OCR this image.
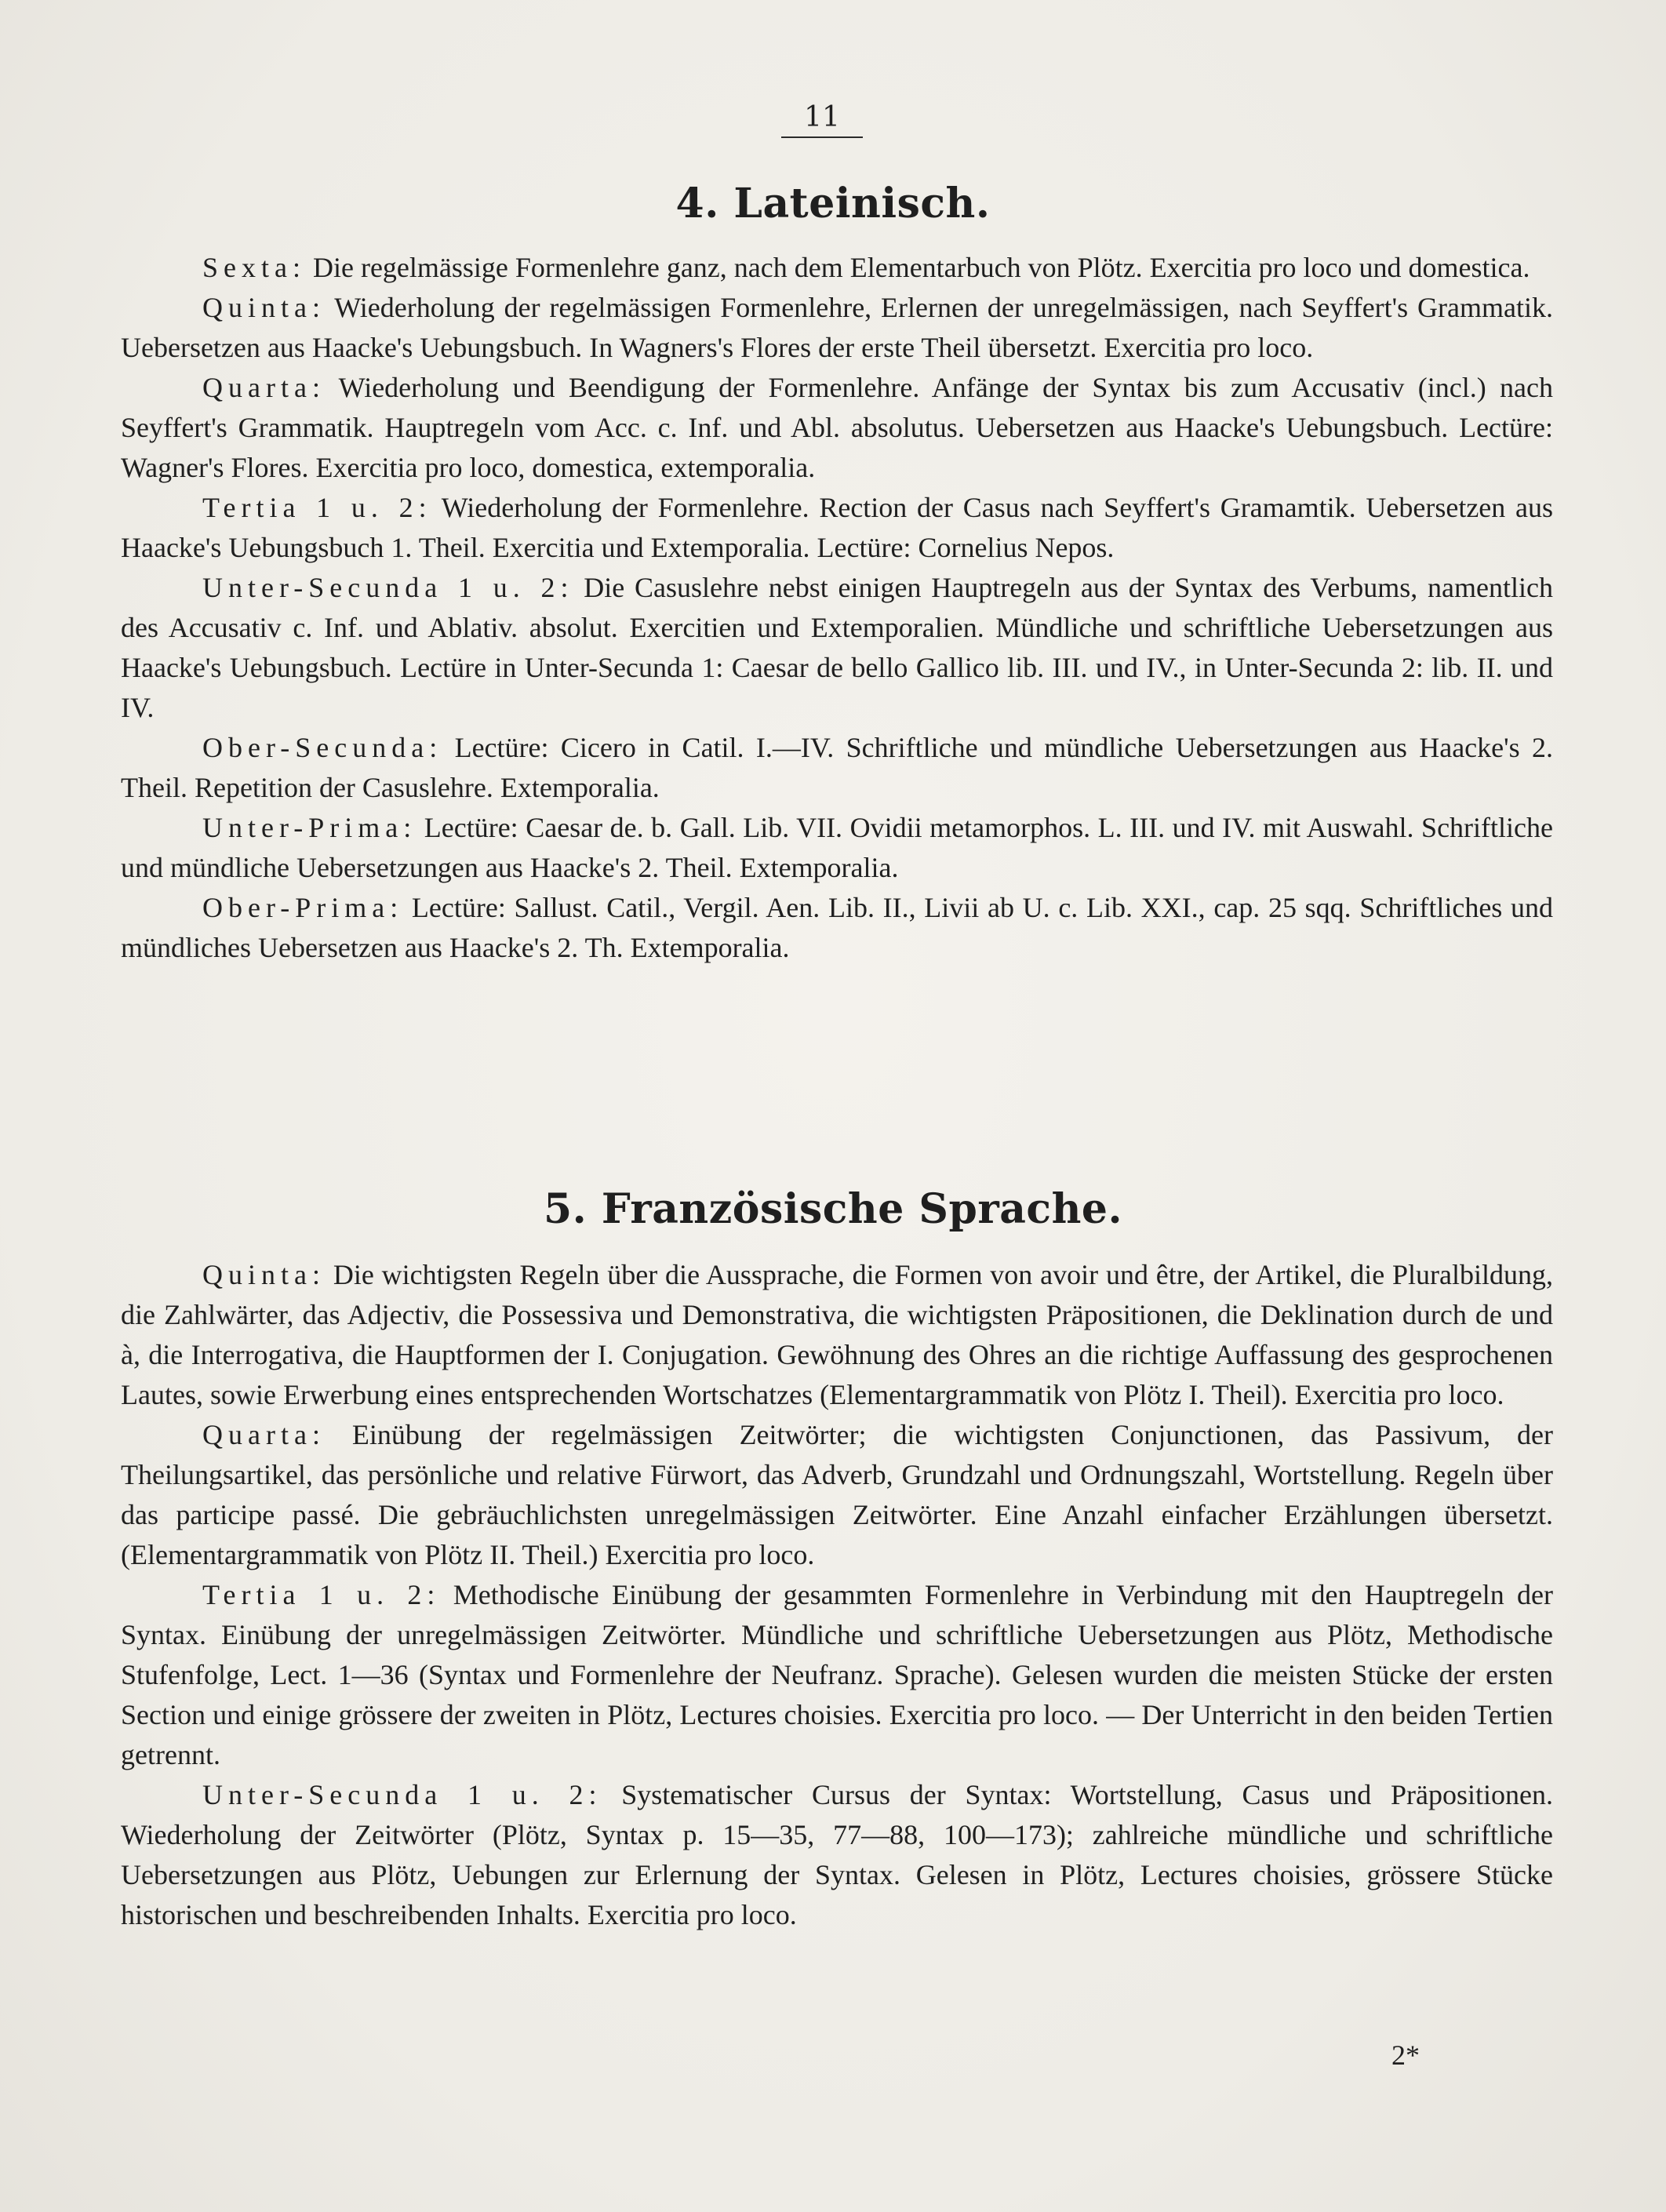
11
4. Lateinisch.

Sexta: Die regelmässige Formenlehre ganz, nach dem Elementarbuch von Plötz. Exercitia pro loco und domestica.

Quinta: Wiederholung der regelmässigen Formenlehre, Erlernen der unregelmässigen, nach Seyffert's Grammatik. Uebersetzen aus Haacke's Uebungsbuch. In Wagners's Flores der erste Theil übersetzt. Exercitia pro loco.

Quarta: Wiederholung und Beendigung der Formenlehre. Anfänge der Syntax bis zum Accusativ (incl.) nach Seyffert's Grammatik. Hauptregeln vom Acc. c. Inf. und Abl. absolutus. Uebersetzen aus Haacke's Uebungsbuch. Lectüre: Wagner's Flores. Exercitia pro loco, domestica, extemporalia.

Tertia 1 u. 2: Wiederholung der Formenlehre. Rection der Casus nach Seyffert's Gramamtik. Uebersetzen aus Haacke's Uebungsbuch 1. Theil. Exercitia und Extemporalia. Lectüre: Cornelius Nepos.

Unter-Secunda 1 u. 2: Die Casuslehre nebst einigen Hauptregeln aus der Syntax des Verbums, namentlich des Accusativ c. Inf. und Ablativ. absolut. Exercitien und Extemporalien. Mündliche und schriftliche Uebersetzungen aus Haacke's Uebungsbuch. Lectüre in Unter-Secunda 1: Caesar de bello Gallico lib. III. und IV., in Unter-Secunda 2: lib. II. und IV.

Ober-Secunda: Lectüre: Cicero in Catil. I.—IV. Schriftliche und mündliche Uebersetzungen aus Haacke's 2. Theil. Repetition der Casuslehre. Extemporalia.

Unter-Prima: Lectüre: Caesar de. b. Gall. Lib. VII. Ovidii metamorphos. L. III. und IV. mit Auswahl. Schriftliche und mündliche Uebersetzungen aus Haacke's 2. Theil. Extemporalia.

Ober-Prima: Lectüre: Sallust. Catil., Vergil. Aen. Lib. II., Livii ab U. c. Lib. XXI., cap. 25 sqq. Schriftliches und mündliches Uebersetzen aus Haacke's 2. Th. Extemporalia.

5. Französische Sprache.

Quinta: Die wichtigsten Regeln über die Aussprache, die Formen von avoir und être, der Artikel, die Pluralbildung, die Zahlwärter, das Adjectiv, die Possessiva und Demonstrativa, die wichtigsten Präpositionen, die Deklination durch de und à, die Interrogativa, die Hauptformen der I. Conjugation. Gewöhnung des Ohres an die richtige Auffassung des gesprochenen Lautes, sowie Erwerbung eines entsprechenden Wortschatzes (Elementargrammatik von Plötz I. Theil). Exercitia pro loco.

Quarta: Einübung der regelmässigen Zeitwörter; die wichtigsten Conjunctionen, das Passivum, der Theilungsartikel, das persönliche und relative Fürwort, das Adverb, Grundzahl und Ordnungszahl, Wortstellung. Regeln über das participe passé. Die gebräuchlichsten unregelmässigen Zeitwörter. Eine Anzahl einfacher Erzählungen übersetzt. (Elementargrammatik von Plötz II. Theil.) Exercitia pro loco.

Tertia 1 u. 2: Methodische Einübung der gesammten Formenlehre in Verbindung mit den Hauptregeln der Syntax. Einübung der unregelmässigen Zeitwörter. Mündliche und schriftliche Uebersetzungen aus Plötz, Methodische Stufenfolge, Lect. 1—36 (Syntax und Formenlehre der Neufranz. Sprache). Gelesen wurden die meisten Stücke der ersten Section und einige grössere der zweiten in Plötz, Lectures choisies. Exercitia pro loco. — Der Unterricht in den beiden Tertien getrennt.

Unter-Secunda 1 u. 2: Systematischer Cursus der Syntax: Wortstellung, Casus und Präpositionen. Wiederholung der Zeitwörter (Plötz, Syntax p. 15—35, 77—88, 100—173); zahlreiche mündliche und schriftliche Uebersetzungen aus Plötz, Uebungen zur Erlernung der Syntax. Gelesen in Plötz, Lectures choisies, grössere Stücke historischen und beschreibenden Inhalts. Exercitia pro loco.

2*
